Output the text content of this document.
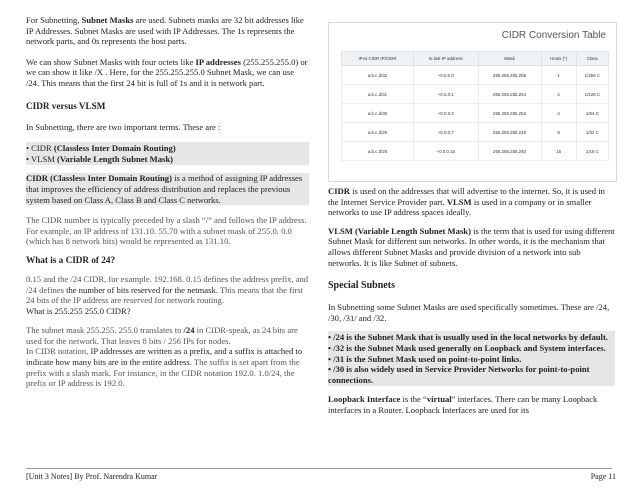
For Subnetting, Subnet Masks are used. Subnets masks are 32 bit addresses like IP Addresses. Subnet Masks are used with IP Addresses. The 1s represents the network parts, and 0s represents the host parts.

We can show Subnet Masks with four octets like IP addresses (255.255.255.0) or we can show it like /X . Here, for the 255.255.255.0 Subnet Mask, we can use /24. This means that the first 24 bit is full of 1s and it is network part.

CIDR versus VLSM

In Subnetting, there are two important terms. These are :

• CIDR (Classless Inter Domain Routing)
• VLSM (Variable Length Subnet Mask)

CIDR (Classless Inter Domain Routing) is a method of assigning IP addresses that improves the efficiency of address distribution and replaces the previous system based on Class A, Class B and Class C networks.

The CIDR number is typically preceded by a slash “/” and follows the IP address. For example, an IP address of 131.10. 55.70 with a subnet mask of 255.0. 0.0 (which has 8 network bits) would be represented as 131.10.

What is a CIDR of 24?

0.15 and the /24 CIDR, for example. 192.168. 0.15 defines the address prefix, and /24 defines the number of bits reserved for the netmask. This means that the first 24 bits of the IP address are reserved for network routing.

What is 255.255 255.0 CIDR?

The subnet mask 255.255. 255.0 translates to /24 in CIDR-speak, as 24 bits are used for the network. That leaves 8 bits / 256 IPs for nodes.

In CIDR notation, IP addresses are written as a prefix, and a suffix is attached to indicate how many bits are in the entire address. The suffix is set apart from the prefix with a slash mark. For instance, in the CIDR notation 192.0. 1.0/24, the prefix or IP address is 192.0.

CIDR Conversion Table
IPv4 CIDR IP/CIDR	to last IP address	Mask	Hosts (*)	Class
a.b.c.d/32	+0.0.0.0	255.255.255.255	1	1/256 C
a.b.c.d/31	+0.0.0.1	255.255.255.254	2	1/128 C
a.b.c.d/30	+0.0.0.3	255.255.255.252	4	1/64 C
a.b.c.d/29	+0.0.0.7	255.255.255.248	8	1/32 C
a.b.c.d/28	+0.0.0.15	255.255.255.240	16	1/16 C

CIDR is used on the addresses that will advertise to the internet. So, it is used in the Internet Service Provider part. VLSM is used in a company or in smaller networks to use IP address spaces ideally.

VLSM (Variable Length Subnet Mask) is the term that is used for using different Subnet Mask for different sun networks. In other words, it is the mechanism that allows different Subnet Masks and provide division of a network into sub networks. It is like Subnet of subnets.

Special Subnets

In Subnetting some Subnet Masks are used specifically sometimes. These are /24, /30, /31/ and /32.

• /24 is the Subnet Mask that is usually used in the local networks by default.
• /32 is the Subnet Mask used generally on Loopback and System interfaces.
• /31 is the Subnet Mask used on point-to-point links.
• /30 is also widely used in Service Provider Networks for point-to-point connections.

Loopback Interface is the “virtual” interfaces. There can be many Loopback interfaces in a Router. Loopback Interfaces are used for its

[Unit 3 Notes] By Prof. Narendra Kumar	Page 11
